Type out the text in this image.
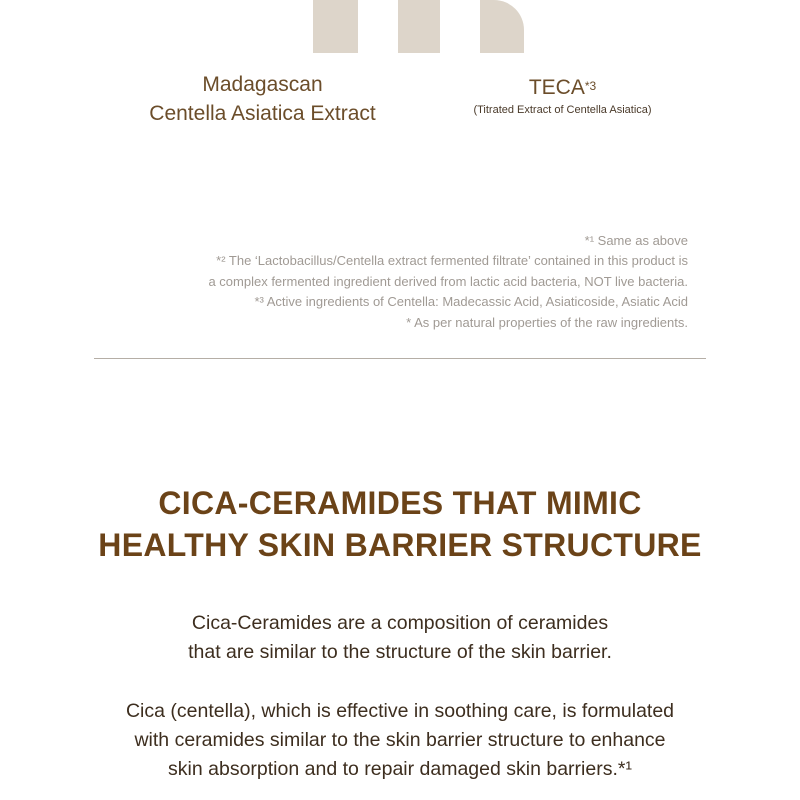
Madagascan
Centella Asiatica Extract
TECA$^{*3}$
(Titrated Extract of Centella Asiatica)

*¹ Same as above

*² The ‘Lactobacillus/Centella extract fermented filtrate’ contained in this product is

a complex fermented ingredient derived from lactic acid bacteria, NOT live bacteria.

*³ Active ingredients of Centella: Madecassic Acid, Asiaticoside, Asiatic Acid

* As per natural properties of the raw ingredients.

CICA-CERAMIDES THAT MIMIC
HEALTHY SKIN BARRIER STRUCTURE
Cica-Ceramides are a composition of ceramides
that are similar to the structure of the skin barrier.
Cica (centella), which is effective in soothing care, is formulated
with ceramides similar to the skin barrier structure to enhance
skin absorption and to repair damaged skin barriers.*¹
